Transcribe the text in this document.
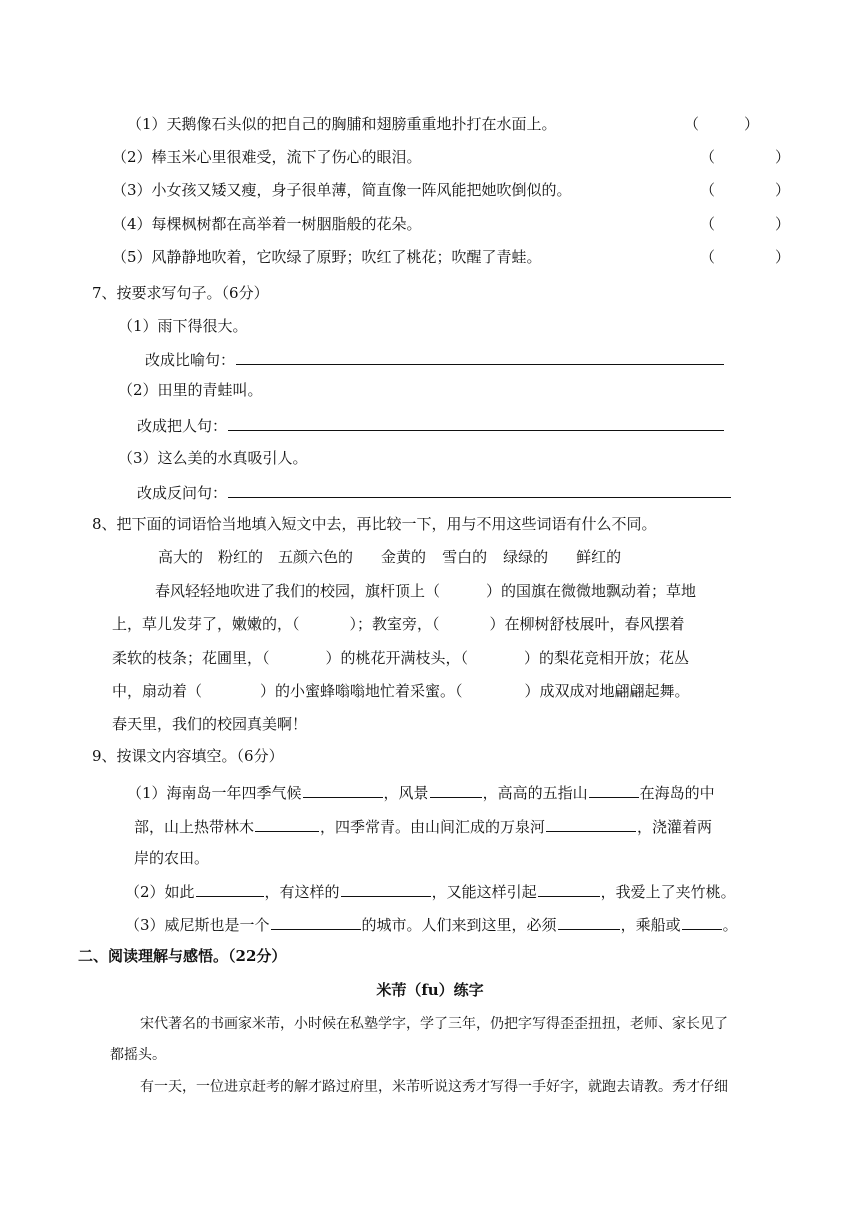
（1）天鹅像石头似的把自己的胸脯和翅膀重重地扑打在水面上。	（　　　）
（2）棒玉米心里很难受，流下了伤心的眼泪。	（　　　　）
（3）小女孩又矮又瘦，身子很单薄，简直像一阵风能把她吹倒似的。	（　　　　）
（4）每棵枫树都在高举着一树胭脂般的花朵。	（　　　　）
（5）风静静地吹着，它吹绿了原野；吹红了桃花；吹醒了青蛙。	（　　　　）
7、按要求写句子。（6分）
（1）雨下得很大。
改成比喻句：
（2）田里的青蛙叫。
改成把人句：
（3）这么美的水真吸引人。
改成反问句：
8、把下面的词语恰当地填入短文中去，再比较一下，用与不用这些词语有什么不同。
高大的 粉红的 五颜六色的 金黄的 雪白的 绿绿的 鲜红的
春风轻轻地吹进了我们的校园，旗杆顶上（	）的国旗在微微地飘动着；草地
上，草儿发芽了，嫩嫩的，（	）；教室旁，（	）在柳树舒枝展叶，春风摆着
柔软的枝条；花圃里，（	）的桃花开满枝头，（	）的梨花竞相开放；花丛
中，扇动着（	）的小蜜蜂嗡嗡地忙着采蜜。（	）成双成对地翩翩起舞。
春天里，我们的校园真美啊！
9、按课文内容填空。（6分）
（1）海南岛一年四季气候	，风景	，高高的五指山	在海岛的中
部，山上热带林木	，四季常青。由山间汇成的万泉河	，浇灌着两
岸的农田。
（2）如此	，有这样的	，又能这样引起	，我爱上了夹竹桃。
（3）威尼斯也是一个	的城市。人们来到这里，必须	，乘船或	。
二、阅读理解与感悟。（22分）
米芾（fu）练字
宋代著名的书画家米芾，小时候在私塾学字，学了三年，仍把字写得歪歪扭扭，老师、家长见了
都摇头。
有一天，一位进京赶考的解才路过府里，米芾听说这秀才写得一手好字，就跑去请教。秀才仔细
